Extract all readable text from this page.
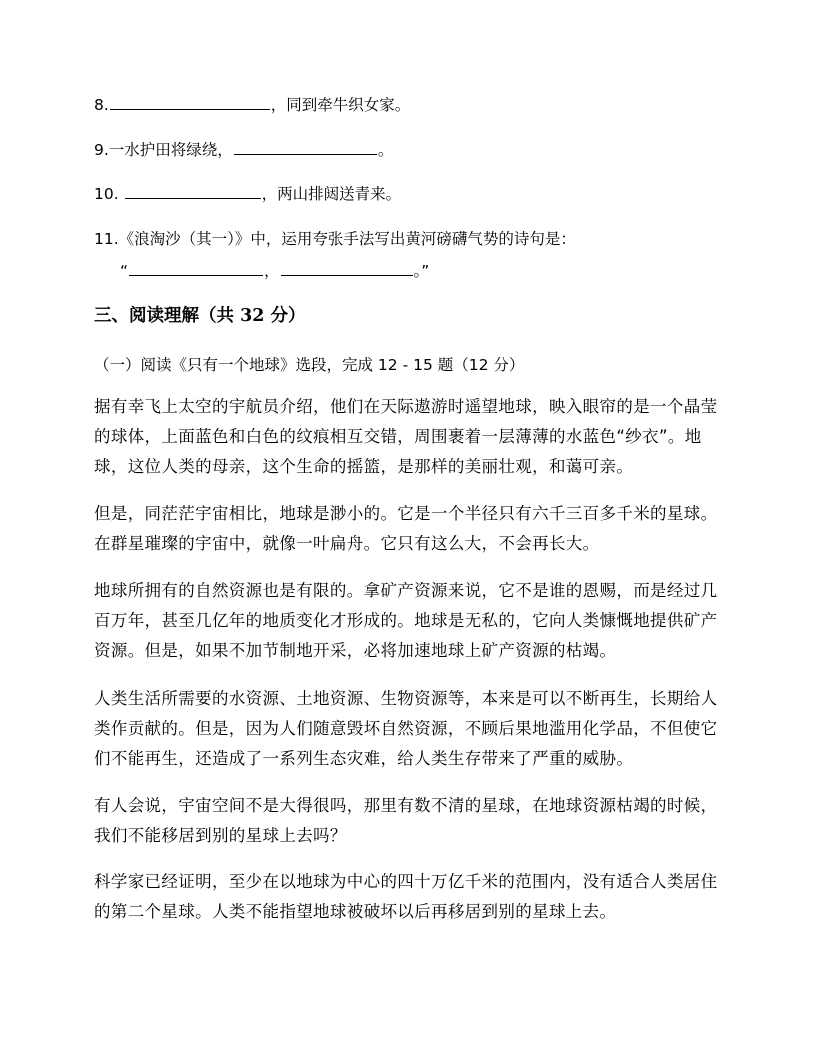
8.	，同到牵牛织女家。
9.一水护田将绿绕，	。
10.	，两山排闼送青来。
11.《浪淘沙（其一）》中，运用夸张手法写出黄河磅礴气势的诗句是：
“	，	。”
三、阅读理解（共 32 分）
（一）阅读《只有一个地球》选段，完成 12 - 15 题（12 分）

据有幸飞上太空的宇航员介绍，他们在天际遨游时遥望地球，映入眼帘的是一个晶莹的球体，上面蓝色和白色的纹痕相互交错，周围裹着一层薄薄的水蓝色“纱衣”。地球，这位人类的母亲，这个生命的摇篮，是那样的美丽壮观，和蔼可亲。

但是，同茫茫宇宙相比，地球是渺小的。它是一个半径只有六千三百多千米的星球。在群星璀璨的宇宙中，就像一叶扁舟。它只有这么大，不会再长大。

地球所拥有的自然资源也是有限的。拿矿产资源来说，它不是谁的恩赐，而是经过几百万年，甚至几亿年的地质变化才形成的。地球是无私的，它向人类慷慨地提供矿产资源。但是，如果不加节制地开采，必将加速地球上矿产资源的枯竭。

人类生活所需要的水资源、土地资源、生物资源等，本来是可以不断再生，长期给人类作贡献的。但是，因为人们随意毁坏自然资源，不顾后果地滥用化学品，不但使它们不能再生，还造成了一系列生态灾难，给人类生存带来了严重的威胁。

有人会说，宇宙空间不是大得很吗，那里有数不清的星球，在地球资源枯竭的时候，我们不能移居到别的星球上去吗？

科学家已经证明，至少在以地球为中心的四十万亿千米的范围内，没有适合人类居住的第二个星球。人类不能指望地球被破坏以后再移居到别的星球上去。
